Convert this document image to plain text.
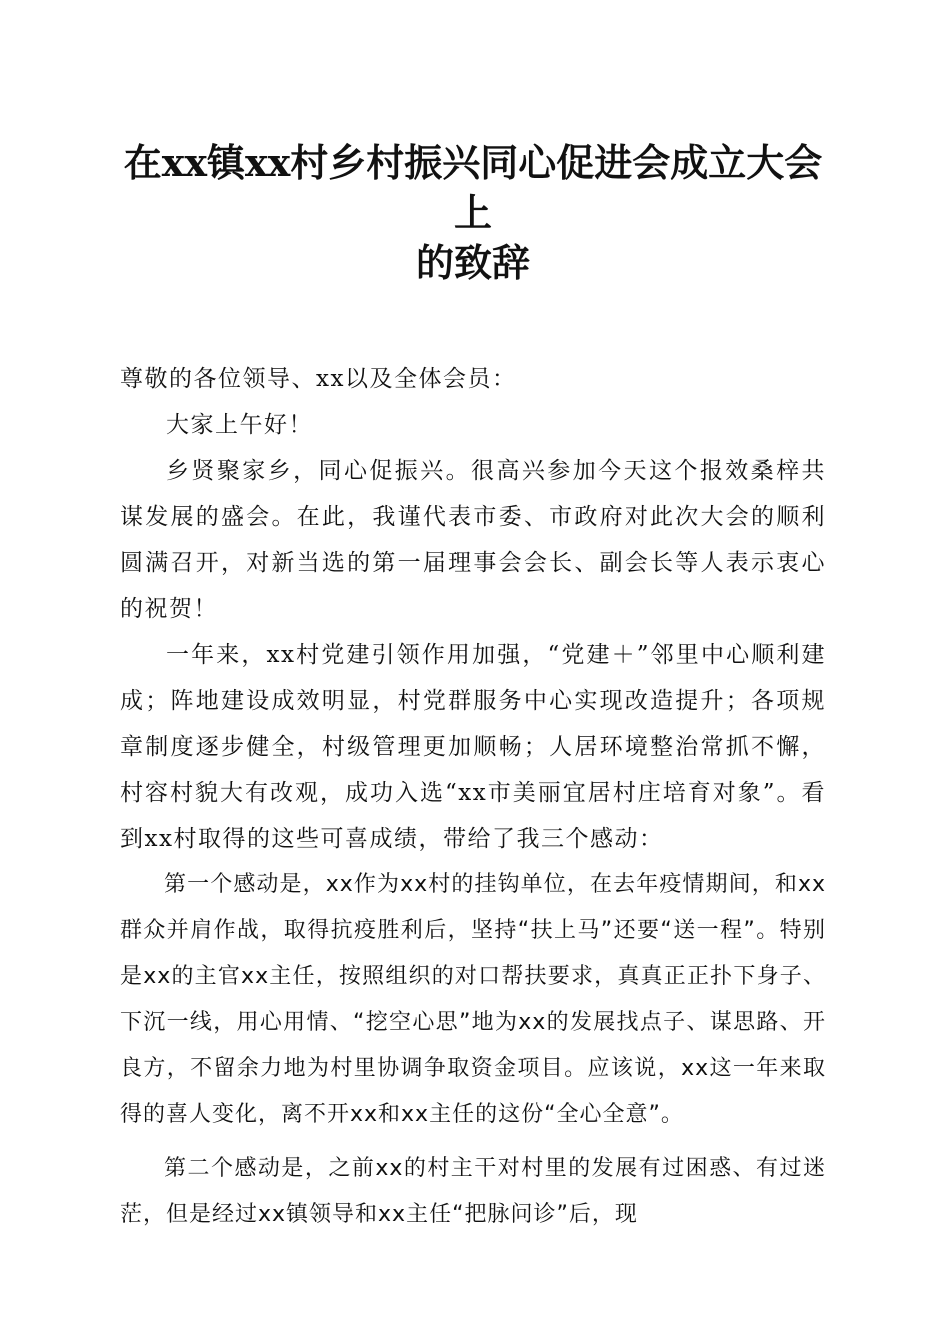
在xx镇xx村乡村振兴同心促进会成立大会上
的致辞

尊敬的各位领导、xx以及全体会员：

大家上午好！

乡贤聚家乡，同心促振兴。很高兴参加今天这个报效桑梓共谋发展的盛会。在此，我谨代表市委、市政府对此次大会的顺利圆满召开，对新当选的第一届理事会会长、副会长等人表示衷心的祝贺！

一年来，xx村党建引领作用加强，“党建＋”邻里中心顺利建成；阵地建设成效明显，村党群服务中心实现改造提升；各项规章制度逐步健全，村级管理更加顺畅；人居环境整治常抓不懈，村容村貌大有改观，成功入选“xx市美丽宜居村庄培育对象”。看到xx村取得的这些可喜成绩，带给了我三个感动：

第一个感动是，xx作为xx村的挂钩单位，在去年疫情期间，和xx群众并肩作战，取得抗疫胜利后，坚持“扶上马”还要“送一程”。特别是xx的主官xx主任，按照组织的对口帮扶要求，真真正正扑下身子、下沉一线，用心用情、“挖空心思”地为xx的发展找点子、谋思路、开良方，不留余力地为村里协调争取资金项目。应该说，xx这一年来取得的喜人变化，离不开xx和xx主任的这份“全心全意”。

第二个感动是，之前xx的村主干对村里的发展有过困惑、有过迷茫，但是经过xx镇领导和xx主任“把脉问诊”后，现
